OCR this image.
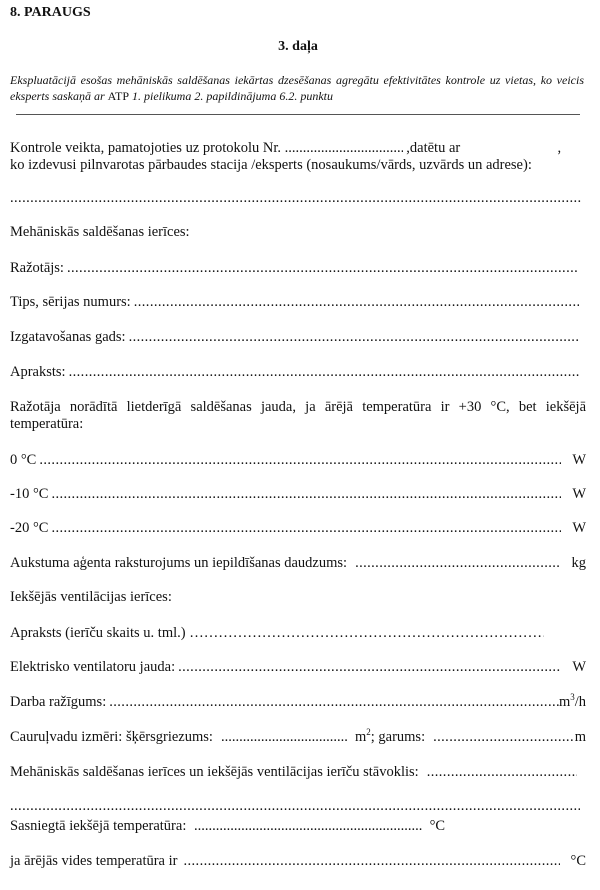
8. PARAUGS
3. daļa
Ekspluatācijā esošas mehāniskās saldēšanas iekārtas dzesēšanas agregātu efektivitātes kontrole uz vietas, ko veicis eksperts saskaņā ar ATP 1. pielikuma 2. papildinājuma 6.2. punktu
Kontrole veikta, pamatojoties uz protokolu Nr. .....	,datētu ar	,
ko izdevusi pilnvarotas pārbaudes stacija /eksperts (nosaukums/vārds, uzvārds un adrese):
.....
Mehāniskās saldēšanas ierīces:
Ražotājs:
.....
Tips, sērijas numurs:
.....
Izgatavošanas gads:
.....
Apraksts:
.....
Ražotāja norādītā lietderīgā saldēšanas jauda, ja ārējā temperatūra ir +30 °C, bet iekšējā temperatūra:
0 °C .....	W
-10 °C .....	W
-20 °C .....	W
Aukstuma aģenta raksturojums un iepildīšanas daudzums: .....	kg
Iekšējās ventilācijas ierīces:
Apraksts (ierīču skaits u. tml.) …………………………………………………………………………………………
Elektrisko ventilatoru jauda: .....	W
Darba ražīgums: .....	$m^3/h$
Cauruļvadu izmēri: šķērsgriezums: .....	$m^2$ ; garums: .....	m
Mehāniskās saldēšanas ierīces un iekšējās ventilācijas ierīču stāvoklis:
.....
.....
Sasniegtā iekšējā temperatūra: .....	°C
ja ārējās vides temperatūra ir .....	°C
